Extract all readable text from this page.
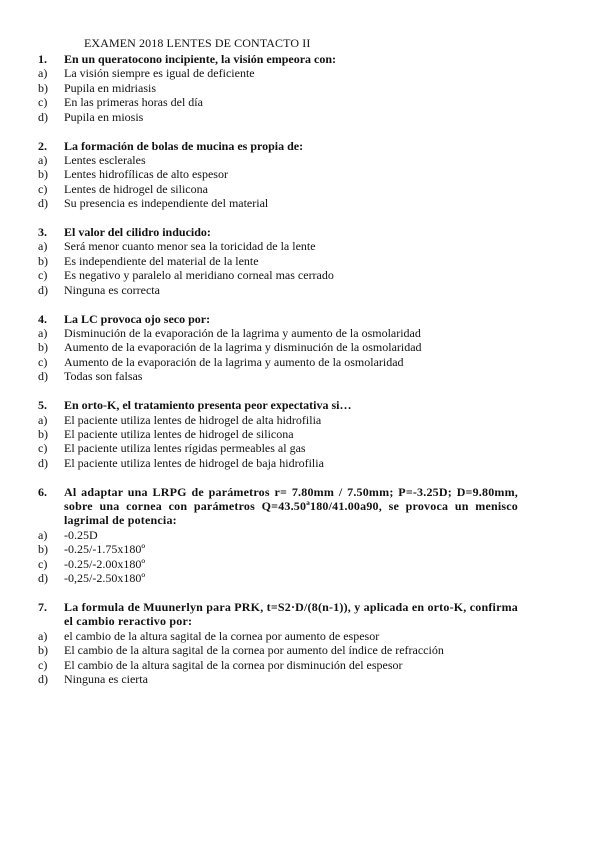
EXAMEN 2018 LENTES DE CONTACTO II
1.	En un queratocono incipiente, la visión empeora con:
a)	La visión siempre es igual de deficiente
b)	Pupila en midriasis
c)	En las primeras horas del día
d)	Pupila en miosis
2.	La formación de bolas de mucina es propia de:
a)	Lentes esclerales
b)	Lentes hidrofílicas de alto espesor
c)	Lentes de hidrogel de silicona
d)	Su presencia es independiente del material
3.	El valor del cilidro inducido:
a)	Será menor cuanto menor sea la toricidad de la lente
b)	Es independiente del material de la lente
c)	Es negativo y paralelo al meridiano corneal mas cerrado
d)	Ninguna es correcta
4.	La LC provoca ojo seco por:
a)	Disminución de la evaporación de la lagrima y aumento de la osmolaridad
b)	Aumento de la evaporación de la lagrima y disminución de la osmolaridad
c)	Aumento de la evaporación de la lagrima y aumento de la osmolaridad
d)	Todas son falsas
5.	En orto-K, el tratamiento presenta peor expectativa si…
a)	El paciente utiliza lentes de hidrogel de alta hidrofilia
b)	El paciente utiliza lentes de hidrogel de silicona
c)	El paciente utiliza lentes rígidas permeables al gas
d)	El paciente utiliza lentes de hidrogel de baja hidrofilia
6.	Al adaptar una LRPG de parámetros r= 7.80mm / 7.50mm; P=-3.25D; D=9.80mm, sobre una cornea con parámetros Q=43.50ª180/41.00a90, se provoca un menisco lagrimal de potencia:
a)	-0.25D
b)	-0.25/-1.75x180º
c)	-0.25/-2.00x180º
d)	-0,25/-2.50x180º
7.	La formula de Muunerlyn para PRK, t=S2·D/(8(n-1)), y aplicada en orto-K, confirma el cambio reractivo por:
a)	el cambio de la altura sagital de la cornea por aumento de espesor
b)	El cambio de la altura sagital de la cornea por aumento del índice de refracción
c)	El cambio de la altura sagital de la cornea por disminución del espesor
d)	Ninguna es cierta
